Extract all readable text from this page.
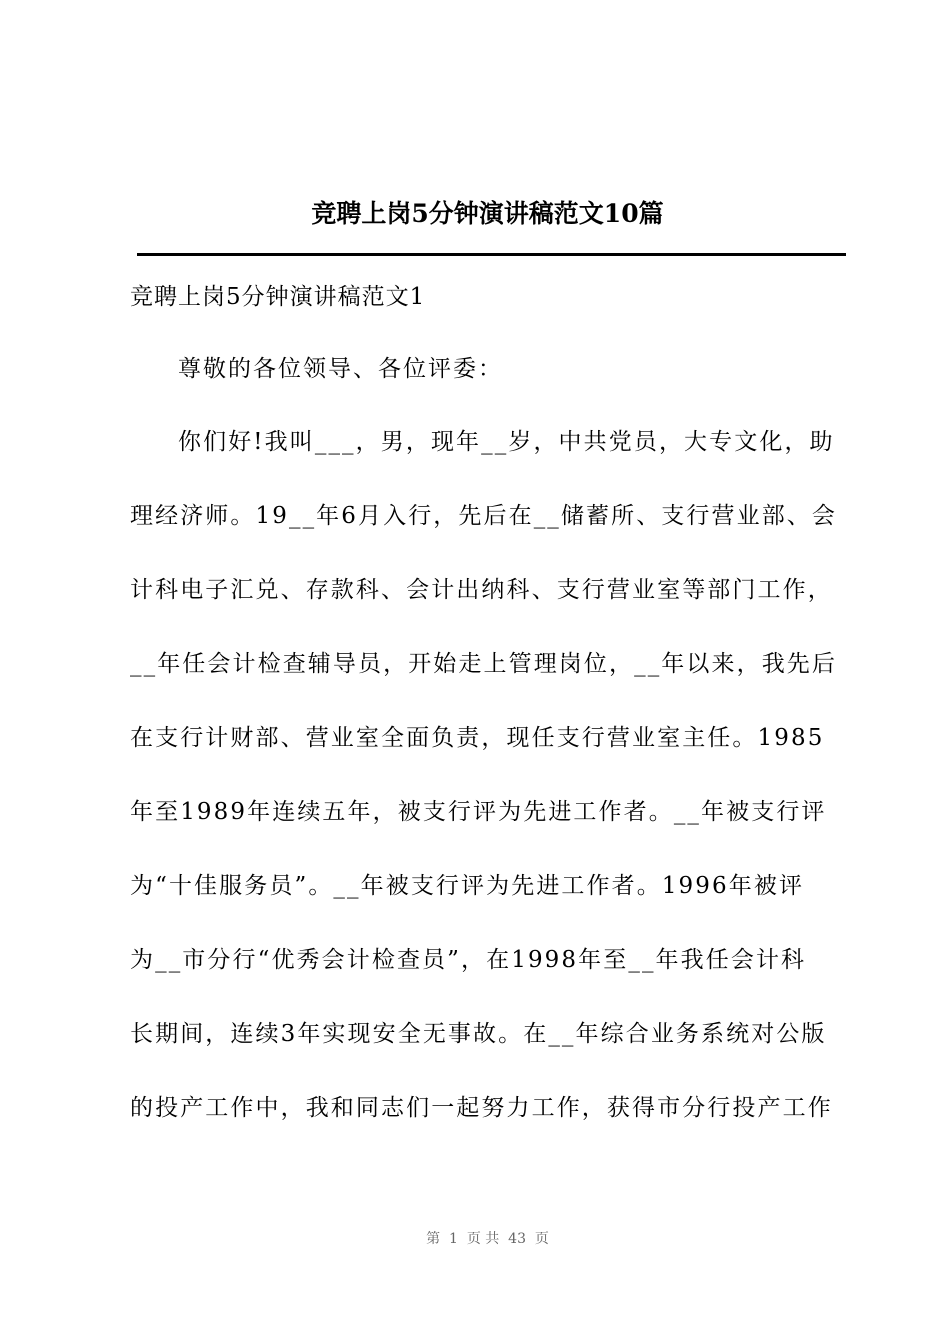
竞聘上岗5分钟演讲稿范文10篇
竞聘上岗5分钟演讲稿范文1
尊敬的各位领导、各位评委：
你们好!我叫___，男，现年__岁，中共党员，大专文化，助
理经济师。19__年6月入行，先后在__储蓄所、支行营业部、会
计科电子汇兑、存款科、会计出纳科、支行营业室等部门工作，
__年任会计检查辅导员，开始走上管理岗位，__年以来，我先后
在支行计财部、营业室全面负责，现任支行营业室主任。1985
年至1989年连续五年，被支行评为先进工作者。__年被支行评
为“十佳服务员”。__年被支行评为先进工作者。1996年被评
为__市分行“优秀会计检查员”，在1998年至__年我任会计科
长期间，连续3年实现安全无事故。在__年综合业务系统对公版
的投产工作中，我和同志们一起努力工作，获得市分行投产工作
第  1  页 共  43  页
